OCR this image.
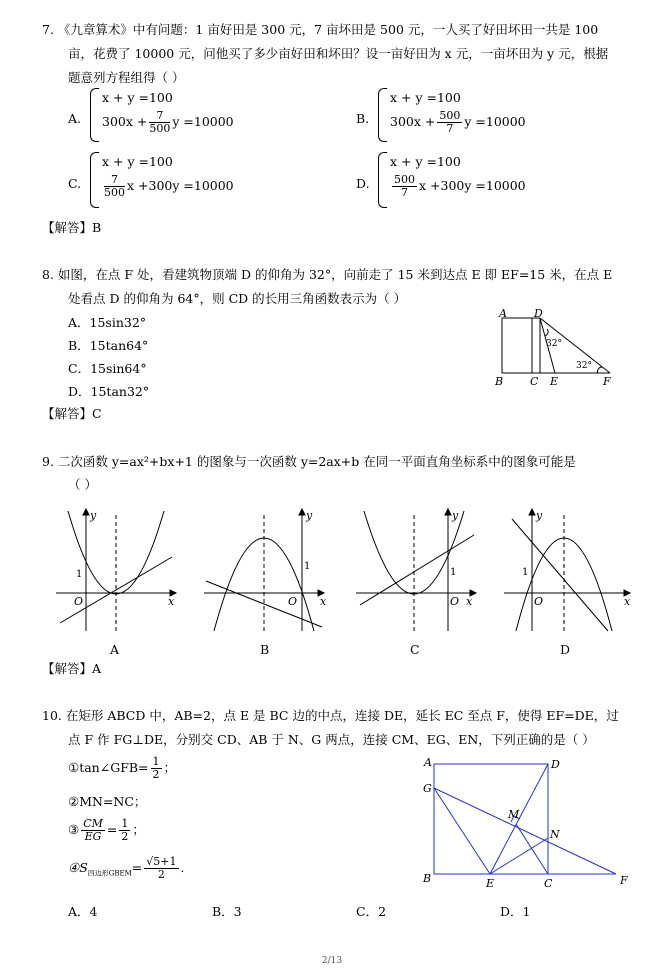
7. 《九章算术》中有问题：1 亩好田是 300 元，7 亩坏田是 500 元，一人买了好田坏田一共是 100
亩，花费了 10000 元，问他买了多少亩好田和坏田？设一亩好田为 x 元，一亩坏田为 y 元，根据
题意列方程组得（ ）
A.
x + y =100
$300x + \frac{7}{500}$ y =10000	B.
x + y =100
$300x + \frac{500}{7}$ y =10000
C.
x + y =100
$\frac{7}{500}$ x +300y =10000	D.
x + y =100
$\frac{500}{7}$ x +300y =10000
【解答】B
8. 如图，在点 F 处，看建筑物顶端 D 的仰角为 32°，向前走了 15 米到达点 E 即 EF=15 米，在点 E
处看点 D 的仰角为 64°，则 CD 的长用三角函数表示为（ ）
A．15sin32°
B．15tan64°
C．15sin64°
D．15tan32°
【解答】C
A D
32°
32°
B C E	F
9. 二次函数 y=ax²+bx+1 的图象与一次函数 y=2ax+b 在同一平面直角坐标系中的图象可能是
（ ）
y
x
O
1
y
x
O
1
y
x
O
1
y
x
O
1
A	B	C	D
【解答】A
10. 在矩形 ABCD 中，AB=2，点 E 是 BC 边的中点，连接 DE，延长 EC 至点 F，使得 EF=DE，过
点 F 作 FG⊥DE，分别交 CD、AB 于 N、G 两点，连接 CM、EG、EN，下列正确的是（ ）
①tan∠GFB= $\frac{1}{2}$ ；
②MN=NC；
③ $\frac{CM}{EG} = \frac{1}{2}$ ；
$④S_{四边形GBEM}= \frac{√5+1}{2}$ ．
A．4	B．3	C．2	D．1
A	D
G
M
N
B	E	C	F
2/13
